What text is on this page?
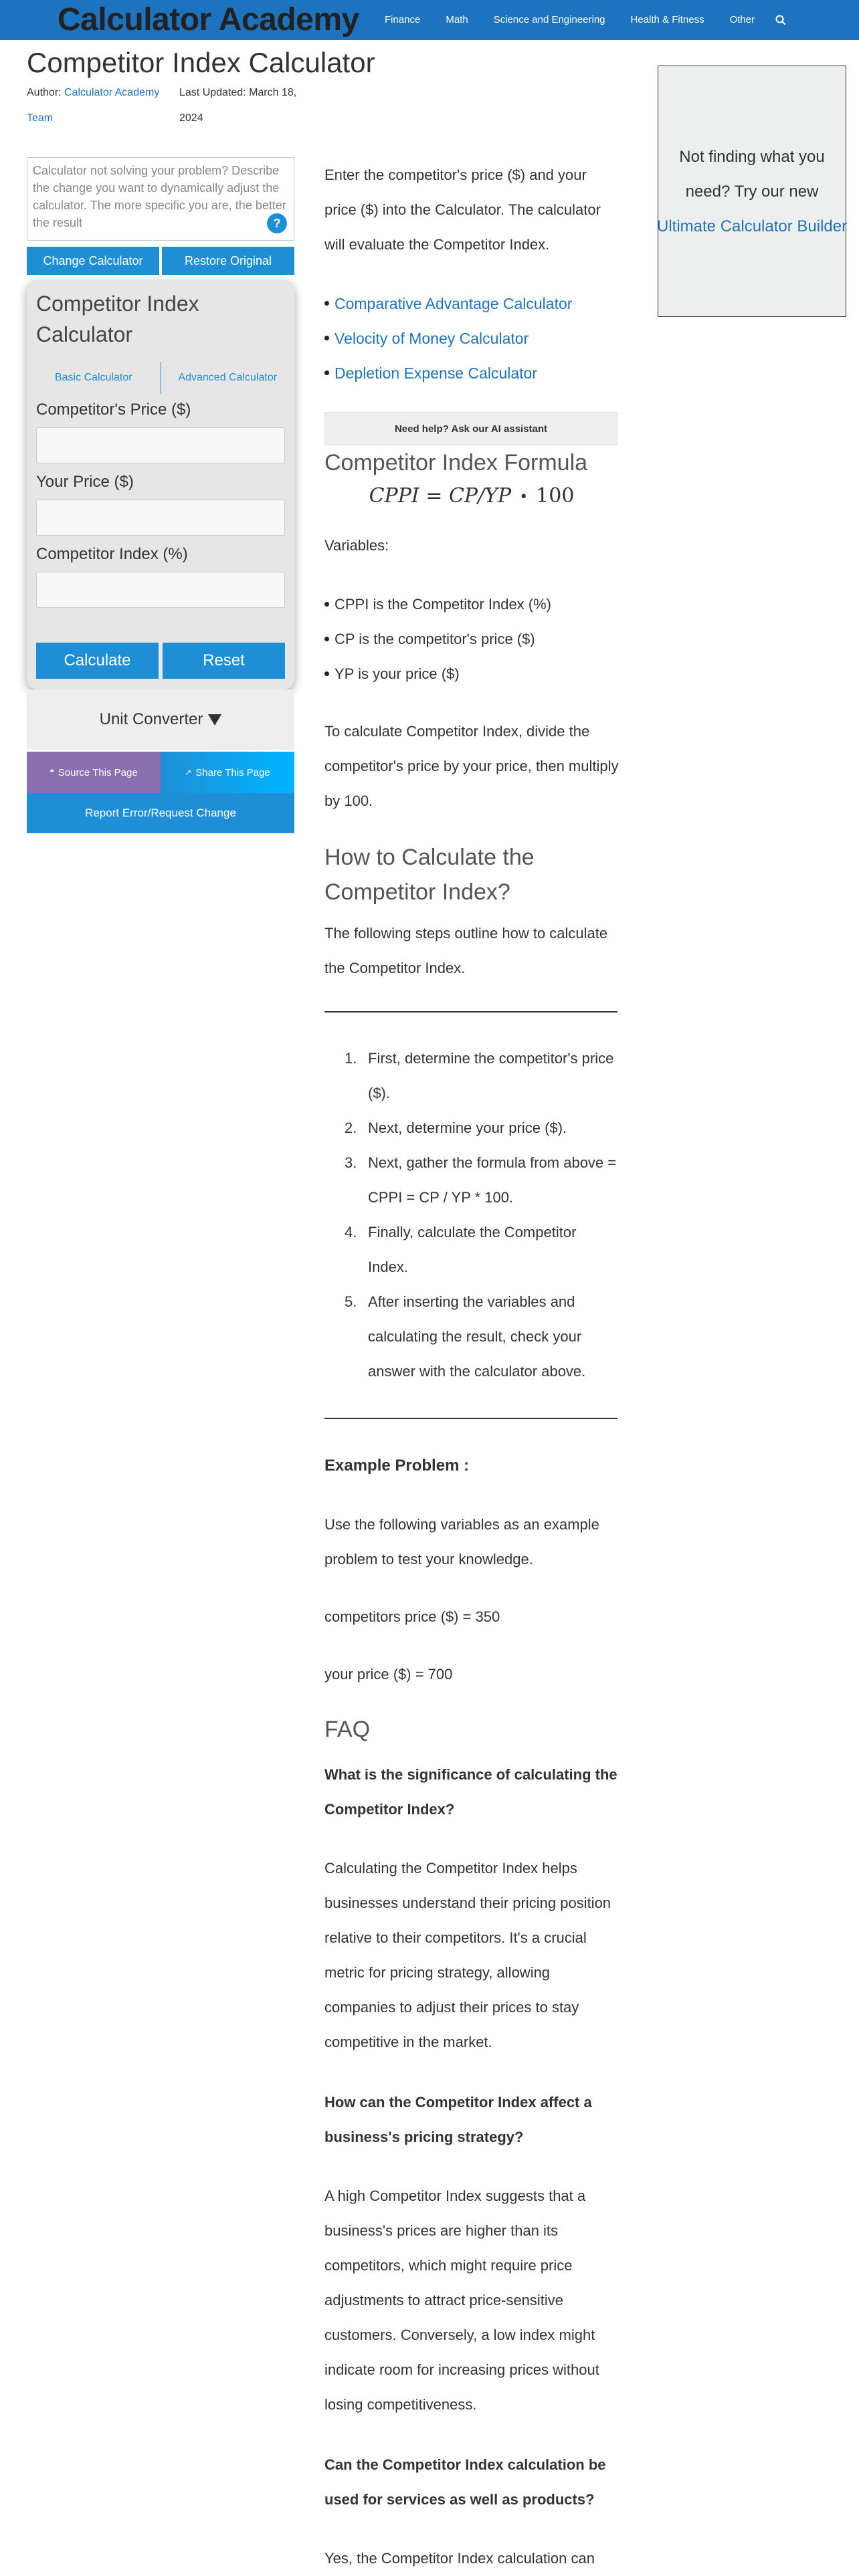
Calculator Academy	Finance	Math	Science and Engineering	Health & Fitness	Other
Competitor Index Calculator
Author: Calculator Academy Team
Last Updated: March 18, 2024
Calculator not solving your problem? Describe the change you want to dynamically adjust the calculator. The more specific you are, the better the result	?
Change Calculator	Restore Original
Competitor Index Calculator
Basic Calculator	Advanced Calculator
Competitor's Price ($)
Your Price ($)
Competitor Index (%)
Calculate	Reset
Unit Converter
❝ Source This Page	↗ Share This Page
Report Error/Request Change

Enter the competitor's price ($) and your price ($) into the Calculator. The calculator will evaluate the Competitor Index.

Comparative Advantage Calculator
Velocity of Money Calculator
Depletion Expense Calculator
Need help? Ask our AI assistant
Competitor Index Formula
CPPI = CP/YP • 100

Variables:

CPPI is the Competitor Index (%)
CP is the competitor's price ($)
YP is your price ($)

To calculate Competitor Index, divide the competitor's price by your price, then multiply by 100.

How to Calculate the Competitor Index?

The following steps outline how to calculate the Competitor Index.

1. First, determine the competitor's price ($).
2. Next, determine your price ($).
3. Next, gather the formula from above = CPPI = CP / YP * 100.
4. Finally, calculate the Competitor Index.
5. After inserting the variables and calculating the result, check your answer with the calculator above.

Example Problem :

Use the following variables as an example problem to test your knowledge.

competitors price ($) = 350

your price ($) = 700

FAQ

What is the significance of calculating the Competitor Index?

Calculating the Competitor Index helps businesses understand their pricing position relative to their competitors. It's a crucial metric for pricing strategy, allowing companies to adjust their prices to stay competitive in the market.

How can the Competitor Index affect a business's pricing strategy?

A high Competitor Index suggests that a business's prices are higher than its competitors, which might require price adjustments to attract price-sensitive customers. Conversely, a low index might indicate room for increasing prices without losing competitiveness.

Can the Competitor Index calculation be used for services as well as products?

Yes, the Competitor Index calculation can

Not finding what you need? Try our new
Ultimate Calculator Builder
